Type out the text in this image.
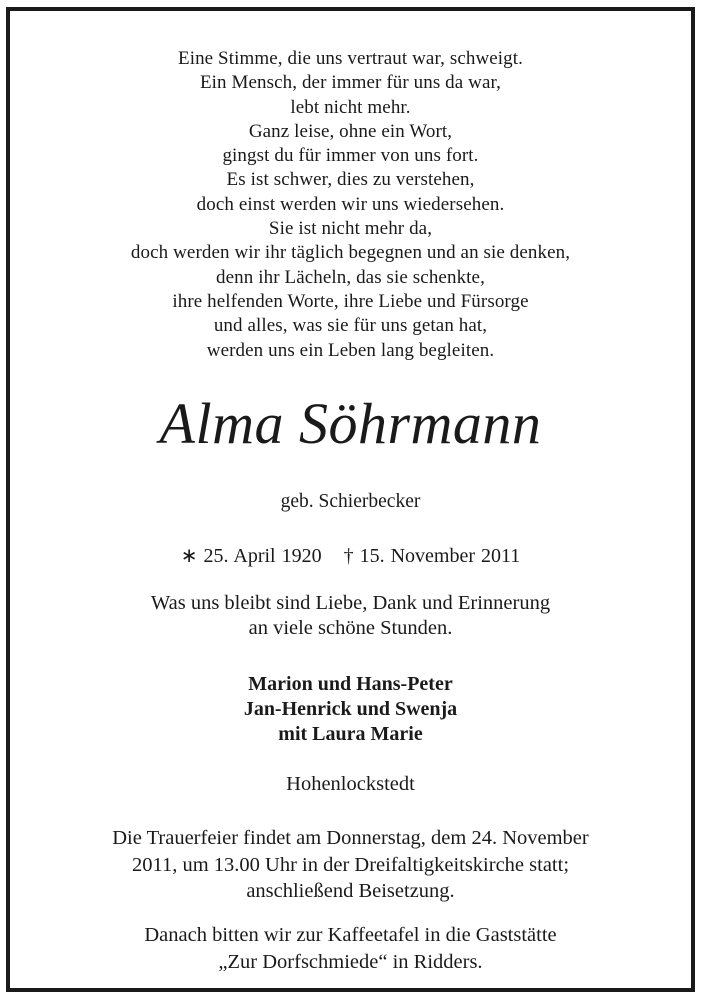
Eine Stimme, die uns vertraut war, schweigt.
Ein Mensch, der immer für uns da war,
lebt nicht mehr.
Ganz leise, ohne ein Wort,
gingst du für immer von uns fort.
Es ist schwer, dies zu verstehen,
doch einst werden wir uns wiedersehen.
Sie ist nicht mehr da,
doch werden wir ihr täglich begegnen und an sie denken,
denn ihr Lächeln, das sie schenkte,
ihre helfenden Worte, ihre Liebe und Fürsorge
und alles, was sie für uns getan hat,
werden uns ein Leben lang begleiten.
Alma Söhrmann
geb. Schierbecker
∗ 25. April 1920 † 15. November 2011
Was uns bleibt sind Liebe, Dank und Erinnerung
an viele schöne Stunden.
Marion und Hans-Peter
Jan-Henrick und Swenja
mit Laura Marie
Hohenlockstedt
Die Trauerfeier findet am Donnerstag, dem 24. November
2011, um 13.00 Uhr in der Dreifaltigkeitskirche statt;
anschließend Beisetzung.
Danach bitten wir zur Kaffeetafel in die Gaststätte
„Zur Dorfschmiede“ in Ridders.
